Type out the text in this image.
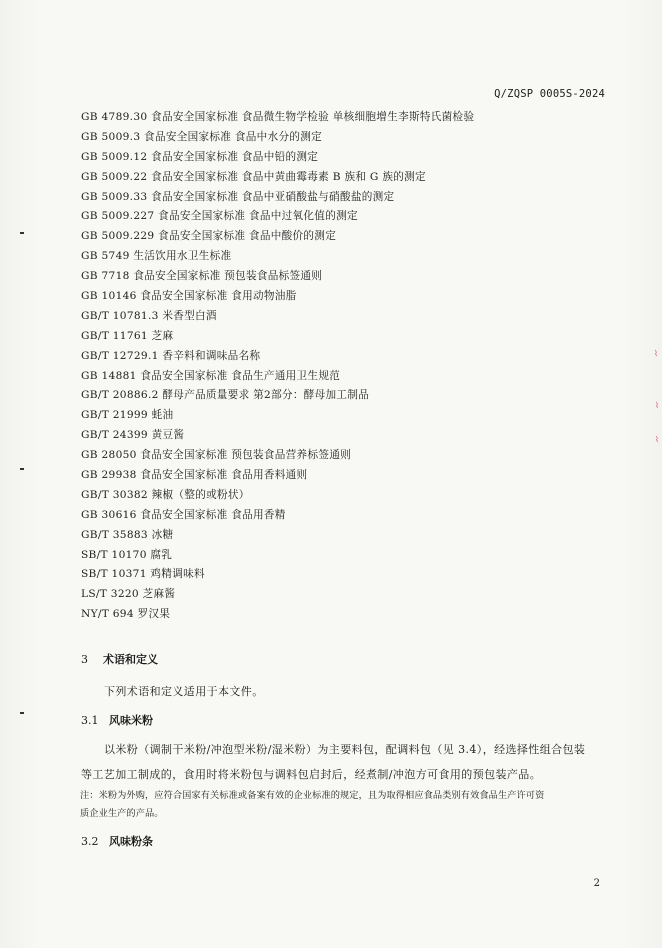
Q/ZQSP 0005S-2024
GB 4789.30 食品安全国家标准 食品微生物学检验 单核细胞增生李斯特氏菌检验
GB 5009.3 食品安全国家标准 食品中水分的测定
GB 5009.12 食品安全国家标准 食品中铅的测定
GB 5009.22 食品安全国家标准 食品中黄曲霉毒素 B 族和 G 族的测定
GB 5009.33 食品安全国家标准 食品中亚硝酸盐与硝酸盐的测定
GB 5009.227 食品安全国家标准 食品中过氧化值的测定
GB 5009.229 食品安全国家标准 食品中酸价的测定
GB 5749 生活饮用水卫生标准
GB 7718 食品安全国家标准 预包装食品标签通则
GB 10146 食品安全国家标准 食用动物油脂
GB/T 10781.3 米香型白酒
GB/T 11761 芝麻
GB/T 12729.1 香辛料和调味品名称
GB 14881 食品安全国家标准 食品生产通用卫生规范
GB/T 20886.2 酵母产品质量要求 第2部分：酵母加工制品
GB/T 21999 蚝油
GB/T 24399 黄豆酱
GB 28050 食品安全国家标准 预包装食品营养标签通则
GB 29938 食品安全国家标准 食品用香料通则
GB/T 30382 辣椒（整的或粉状）
GB 30616 食品安全国家标准 食品用香精
GB/T 35883 冰糖
SB/T 10170 腐乳
SB/T 10371 鸡精调味料
LS/T 3220 芝麻酱
NY/T 694 罗汉果
3 术语和定义
下列术语和定义适用于本文件。
3.1 风味米粉
以米粉（调制干米粉/冲泡型米粉/湿米粉）为主要料包，配调料包（见 3.4），经选择性组合包装
等工艺加工制成的，食用时将米粉包与调料包启封后，经煮制/冲泡方可食用的预包装产品。
注：米粉为外购，应符合国家有关标准或备案有效的企业标准的规定，且为取得相应食品类别有效食品生产许可资
质企业生产的产品。
3.2 风味粉条
2
⌇
⌇
⌇
